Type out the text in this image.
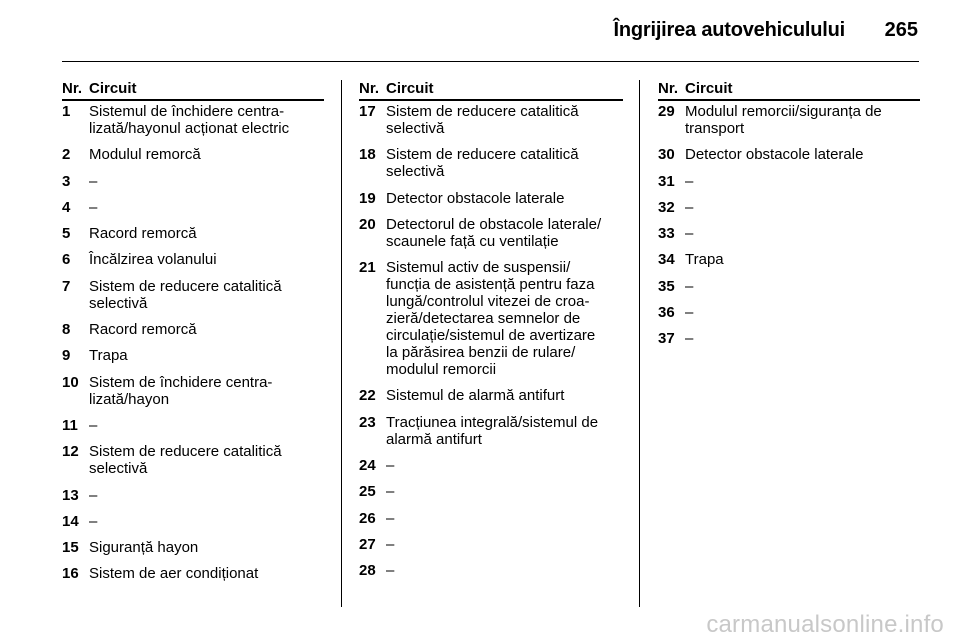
Îngrijirea autovehiculului 265
Nr. Circuit
1	Sistemul de închidere centra-
lizată/hayonul acționat electric
2	Modulul remorcă
3	–
4	–
5	Racord remorcă
6	Încălzirea volanului
7	Sistem de reducere catalitică
selectivă
8	Racord remorcă
9	Trapa
10 Sistem de închidere centra-
lizată/hayon
11 –
12 Sistem de reducere catalitică
selectivă
13 –
14 –
15 Siguranță hayon
16 Sistem de aer condiționat
Nr. Circuit
17 Sistem de reducere catalitică
selectivă
18 Sistem de reducere catalitică
selectivă
19 Detector obstacole laterale
20 Detectorul de obstacole laterale/
scaunele față cu ventilație
21 Sistemul activ de suspensii/
funcția de asistență pentru faza
lungă/controlul vitezei de croa-
zieră/detectarea semnelor de
circulație/sistemul de avertizare
la părăsirea benzii de rulare/
modulul remorcii
22 Sistemul de alarmă antifurt
23 Tracțiunea integrală/sistemul de
alarmă antifurt
24 –
25 –
26 –
27 –
28 –
Nr. Circuit
29 Modulul remorcii/siguranța de
transport
30 Detector obstacole laterale
31 –
32 –
33 –
34 Trapa
35 –
36 –
37 –
carmanualsonline.info
